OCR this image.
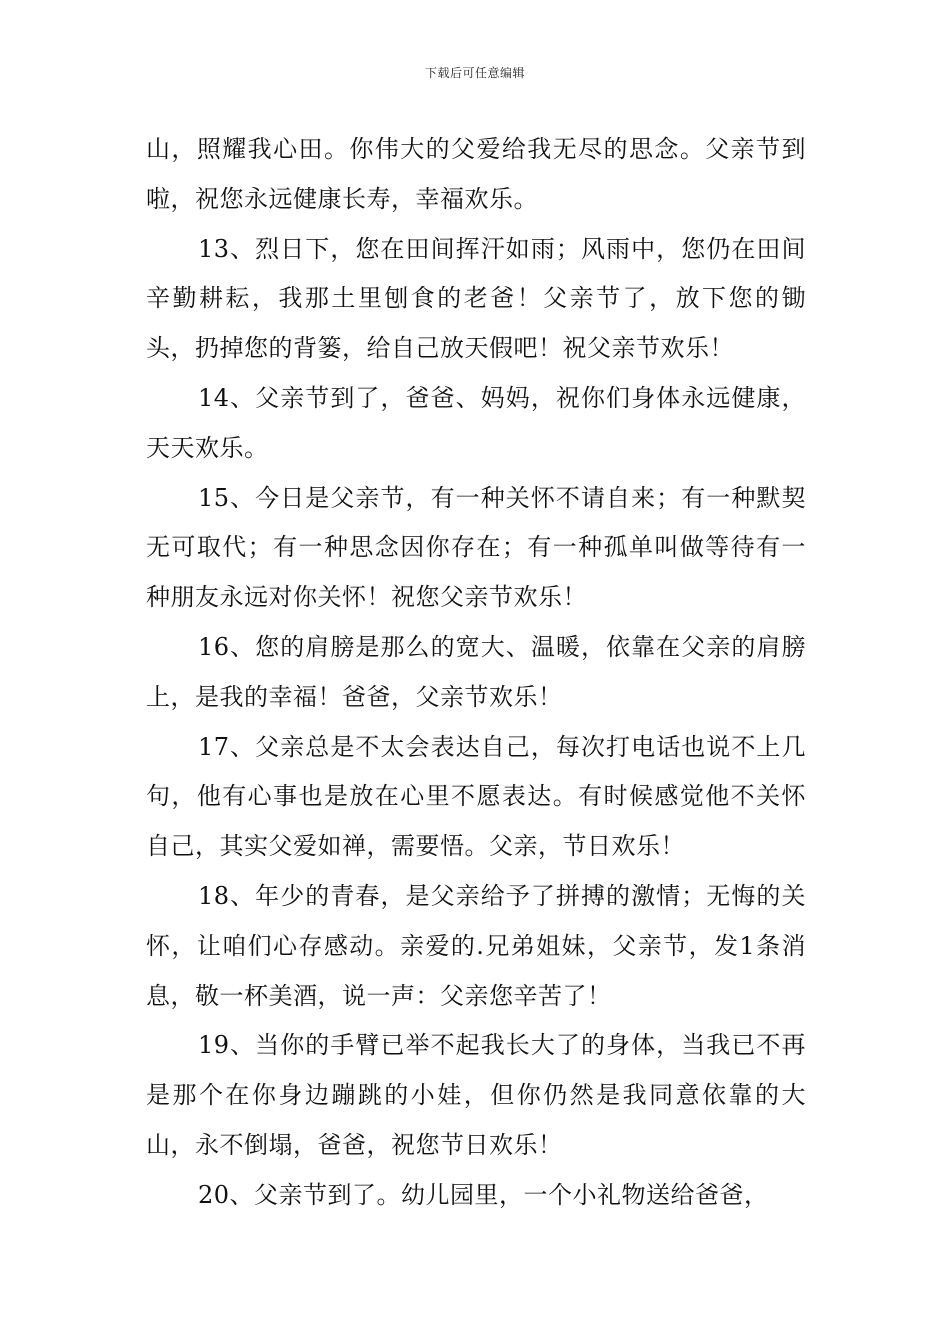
下载后可任意编辑

山，照耀我心田。你伟大的父爱给我无尽的思念。父亲节到啦，祝您永远健康长寿，幸福欢乐。

13、烈日下，您在田间挥汗如雨；风雨中，您仍在田间辛勤耕耘，我那土里刨食的老爸！父亲节了，放下您的锄头，扔掉您的背篓，给自己放天假吧！祝父亲节欢乐！

14、父亲节到了，爸爸、妈妈，祝你们身体永远健康，天天欢乐。

15、今日是父亲节，有一种关怀不请自来；有一种默契无可取代；有一种思念因你存在；有一种孤单叫做等待有一种朋友永远对你关怀！祝您父亲节欢乐！

16、您的肩膀是那么的宽大、温暖，依靠在父亲的肩膀上，是我的幸福！爸爸，父亲节欢乐！

17、父亲总是不太会表达自己，每次打电话也说不上几句，他有心事也是放在心里不愿表达。有时候感觉他不关怀自己，其实父爱如禅，需要悟。父亲，节日欢乐！

18、年少的青春，是父亲给予了拼搏的激情；无悔的关怀，让咱们心存感动。亲爱的.兄弟姐妹，父亲节，发1条消息，敬一杯美酒，说一声：父亲您辛苦了！

19、当你的手臂已举不起我长大了的身体，当我已不再是那个在你身边蹦跳的小娃，但你仍然是我同意依靠的大山，永不倒塌，爸爸，祝您节日欢乐！

20、父亲节到了。幼儿园里，一个小礼物送给爸爸，
